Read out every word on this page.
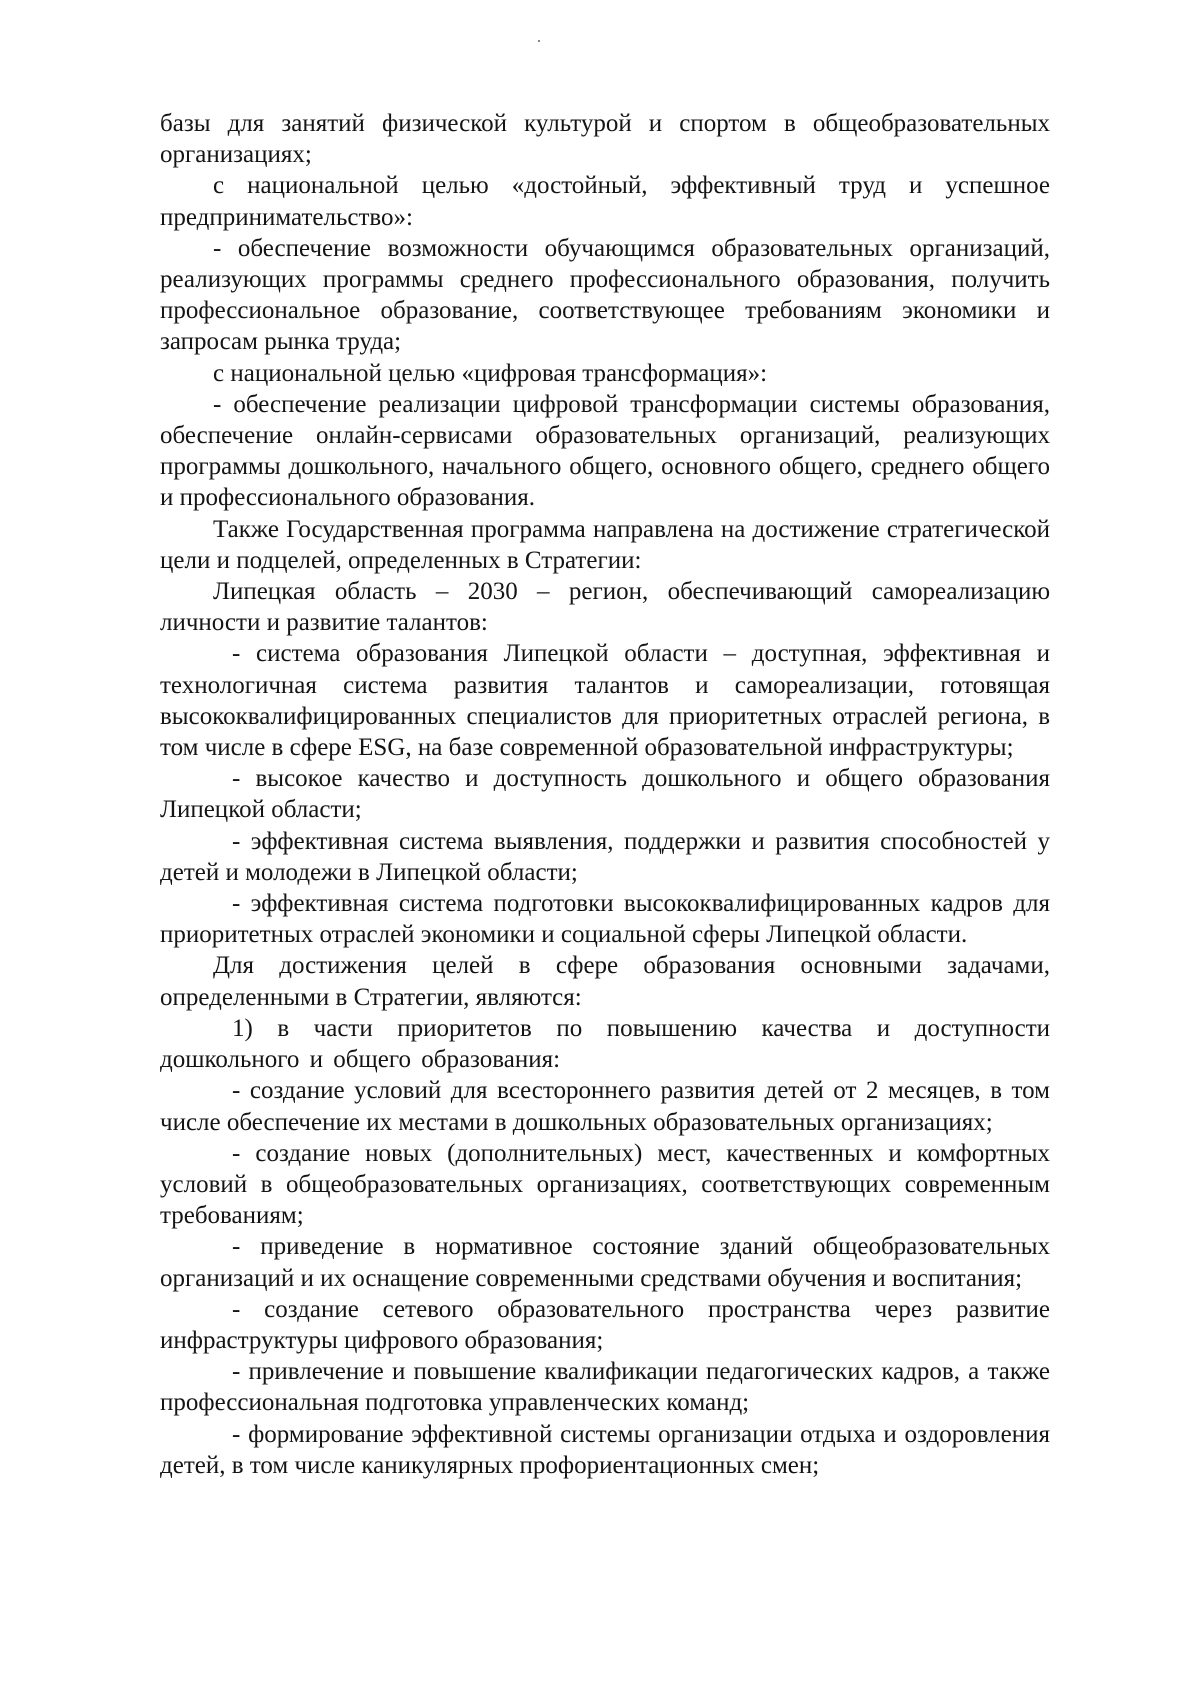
базы для занятий физической культурой и спортом в общеобразовательных организациях;

с национальной целью «достойный, эффективный труд и успешное предпринимательство»:

- обеспечение возможности обучающимся образовательных организаций, реализующих программы среднего профессионального образования, получить профессиональное образование, соответствующее требованиям экономики и запросам рынка труда;

с национальной целью «цифровая трансформация»:

- обеспечение реализации цифровой трансформации системы образования, обеспечение онлайн-сервисами образовательных организаций, реализующих программы дошкольного, начального общего, основного общего, среднего общего и профессионального образования.

Также Государственная программа направлена на достижение стратегической цели и подцелей, определенных в Стратегии:

Липецкая область – 2030 – регион, обеспечивающий самореализацию личности и развитие талантов:

- система образования Липецкой области – доступная, эффективная и технологичная система развития талантов и самореализации, готовящая высококвалифицированных специалистов для приоритетных отраслей региона, в том числе в сфере ESG, на базе современной образовательной инфраструктуры;

- высокое качество и доступность дошкольного и общего образования Липецкой области;

- эффективная система выявления, поддержки и развития способностей у детей и молодежи в Липецкой области;

- эффективная система подготовки высококвалифицированных кадров для приоритетных отраслей экономики и социальной сферы Липецкой области.

Для достижения целей в сфере образования основными задачами, определенными в Стратегии, являются:

1) в части приоритетов по повышению качества и доступности дошкольного и общего образования:

- создание условий для всестороннего развития детей от 2 месяцев, в том числе обеспечение их местами в дошкольных образовательных организациях;

- создание новых (дополнительных) мест, качественных и комфортных условий в общеобразовательных организациях, соответствующих современным требованиям;

- приведение в нормативное состояние зданий общеобразовательных организаций и их оснащение современными средствами обучения и воспитания;

- создание сетевого образовательного пространства через развитие инфраструктуры цифрового образования;

- привлечение и повышение квалификации педагогических кадров, а также профессиональная подготовка управленческих команд;

- формирование эффективной системы организации отдыха и оздоровления детей, в том числе каникулярных профориентационных смен;
